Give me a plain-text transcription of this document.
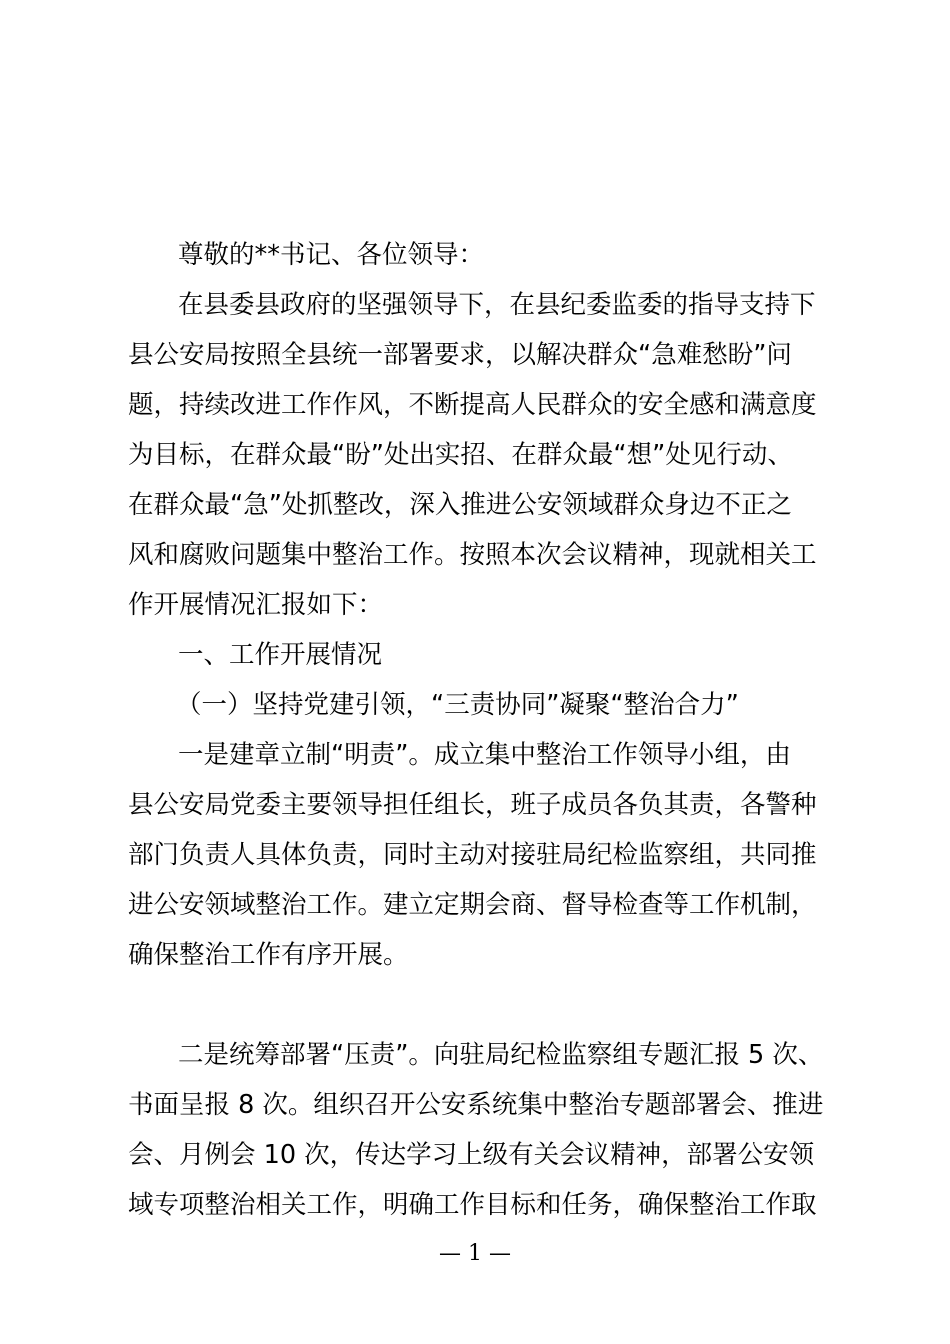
尊敬的**书记、各位领导：
在县委县政府的坚强领导下，在县纪委监委的指导支持下
县公安局按照全县统一部署要求，以解决群众“急难愁盼”问
题，持续改进工作作风，不断提高人民群众的安全感和满意度
为目标，在群众最“盼”处出实招、在群众最“想”处见行动、
在群众最“急”处抓整改，深入推进公安领域群众身边不正之
风和腐败问题集中整治工作。按照本次会议精神，现就相关工
作开展情况汇报如下：
一、工作开展情况
（一）坚持党建引领，“三责协同”凝聚“整治合力”
一是建章立制“明责”。成立集中整治工作领导小组，由
县公安局党委主要领导担任组长，班子成员各负其责，各警种
部门负责人具体负责，同时主动对接驻局纪检监察组，共同推
进公安领域整治工作。建立定期会商、督导检查等工作机制，
确保整治工作有序开展。
二是统筹部署“压责”。向驻局纪检监察组专题汇报 5 次、
书面呈报 8 次。组织召开公安系统集中整治专题部署会、推进
会、月例会 10 次，传达学习上级有关会议精神，部署公安领
域专项整治相关工作，明确工作目标和任务，确保整治工作取
— 1 —
